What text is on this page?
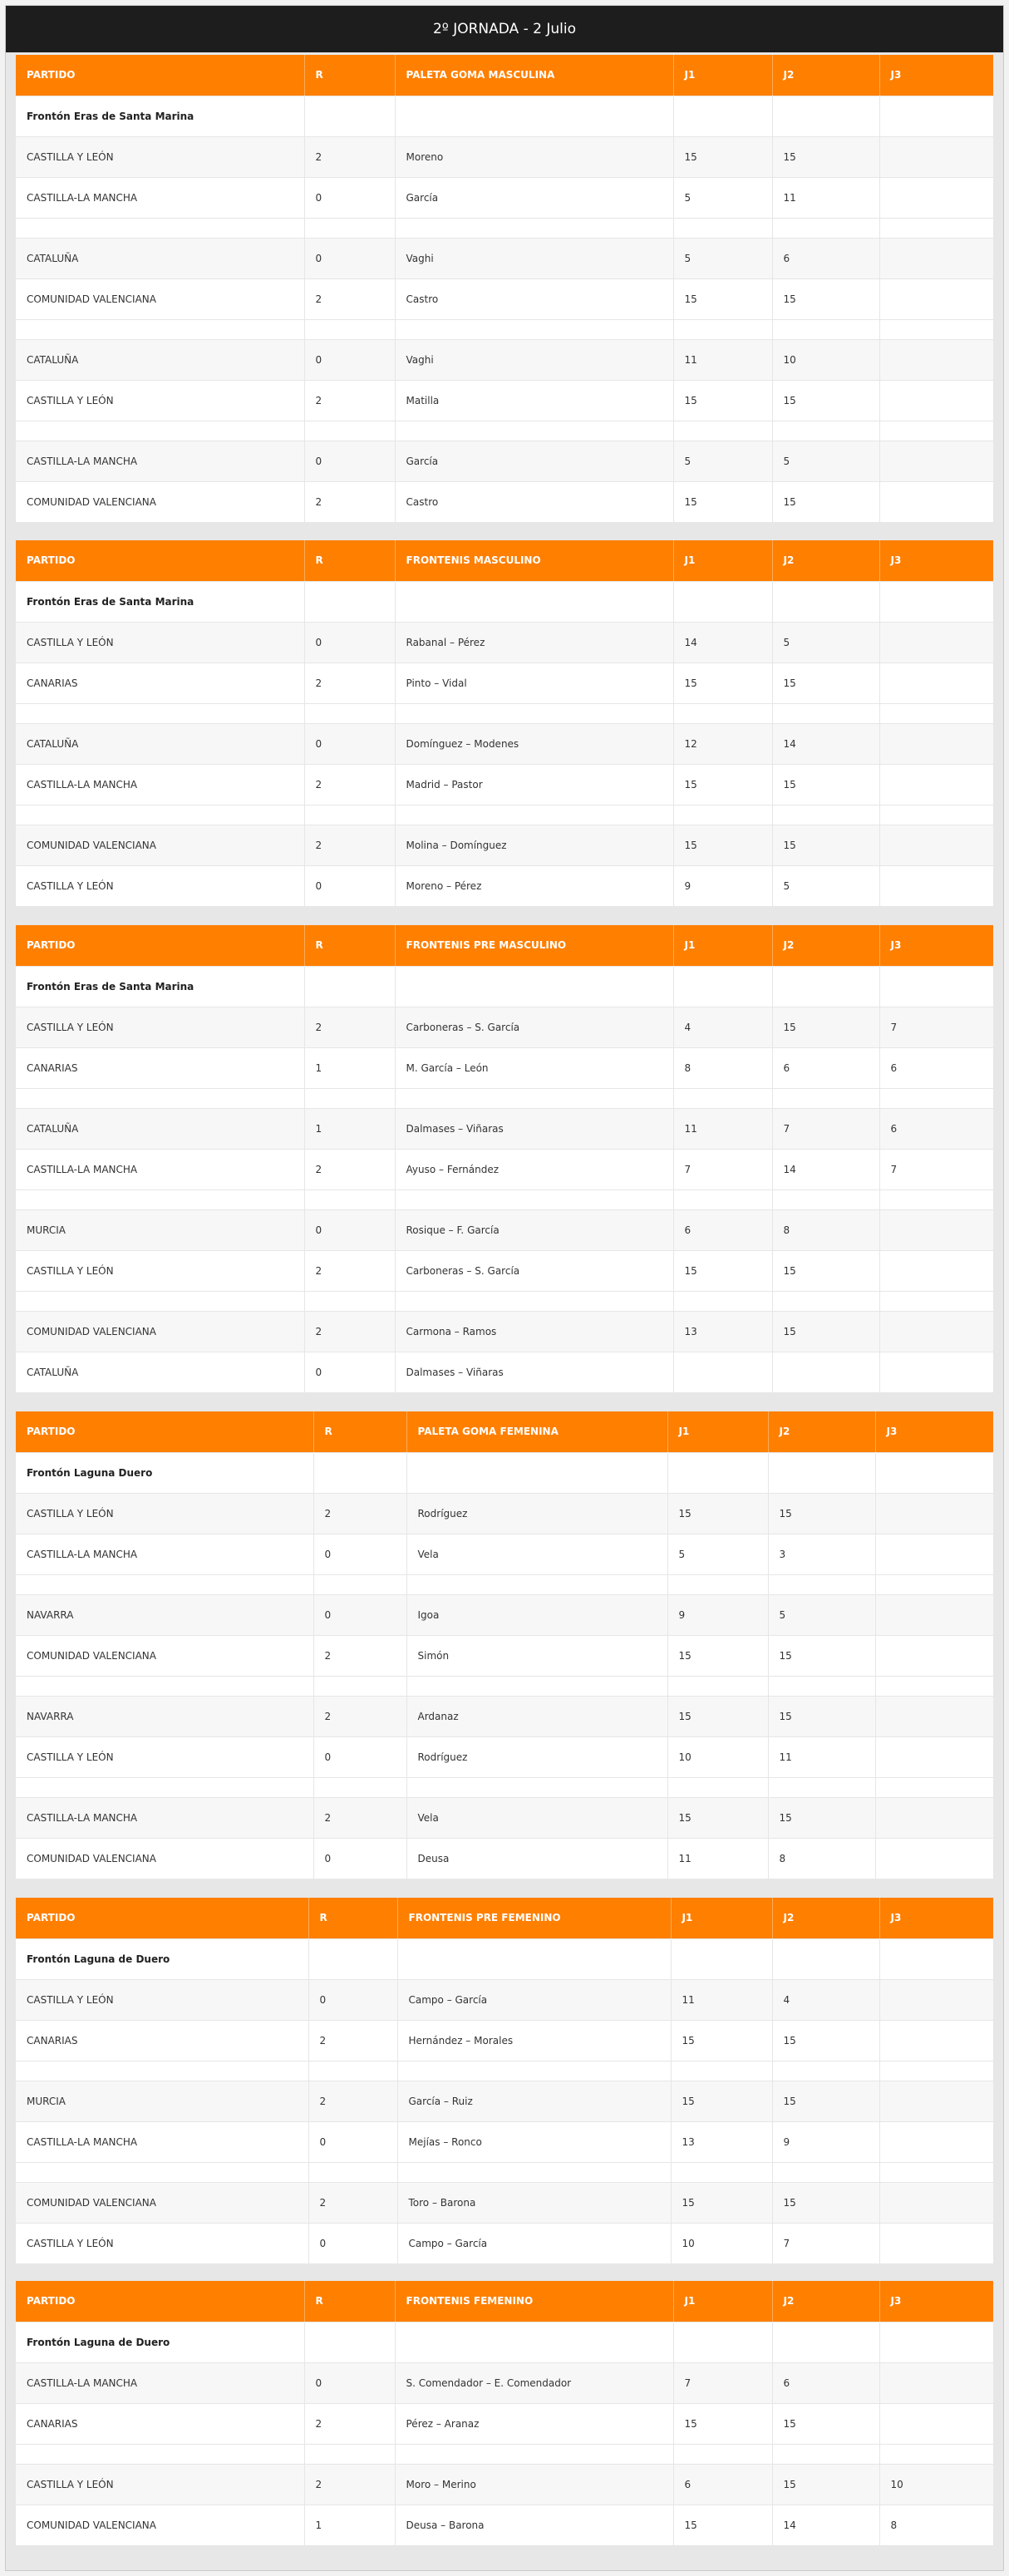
2º JORNADA - 2 Julio
PARTIDO	R	PALETA GOMA MASCULINA	J1	J2	J3
Frontón Eras de Santa Marina					
CASTILLA Y LEÓN	2	Moreno	15	15	
CASTILLA-LA MANCHA	0	García	5	11	

CATALUÑA	0	Vaghi	5	6	
COMUNIDAD VALENCIANA	2	Castro	15	15	

CATALUÑA	0	Vaghi	11	10	
CASTILLA Y LEÓN	2	Matilla	15	15	

CASTILLA-LA MANCHA	0	García	5	5	
COMUNIDAD VALENCIANA	2	Castro	15	15	
PARTIDO	R	FRONTENIS MASCULINO	J1	J2	J3
Frontón Eras de Santa Marina					
CASTILLA Y LEÓN	0	Rabanal – Pérez	14	5	
CANARIAS	2	Pinto – Vidal	15	15	

CATALUÑA	0	Domínguez – Modenes	12	14	
CASTILLA-LA MANCHA	2	Madrid – Pastor	15	15	

COMUNIDAD VALENCIANA	2	Molina – Domínguez	15	15	
CASTILLA Y LEÓN	0	Moreno – Pérez	9	5	
PARTIDO	R	FRONTENIS PRE MASCULINO	J1	J2	J3
Frontón Eras de Santa Marina					
CASTILLA Y LEÓN	2	Carboneras – S. García	4	15	7
CANARIAS	1	M. García – León	8	6	6

CATALUÑA	1	Dalmases – Viñaras	11	7	6
CASTILLA-LA MANCHA	2	Ayuso – Fernández	7	14	7

MURCIA	0	Rosique – F. García	6	8	
CASTILLA Y LEÓN	2	Carboneras – S. García	15	15	

COMUNIDAD VALENCIANA	2	Carmona – Ramos	13	15	
CATALUÑA	0	Dalmases – Viñaras			
PARTIDO	R	PALETA GOMA FEMENINA	J1	J2	J3
Frontón Laguna Duero					
CASTILLA Y LEÓN	2	Rodríguez	15	15	
CASTILLA-LA MANCHA	0	Vela	5	3	

NAVARRA	0	Igoa	9	5	
COMUNIDAD VALENCIANA	2	Simón	15	15	

NAVARRA	2	Ardanaz	15	15	
CASTILLA Y LEÓN	0	Rodríguez	10	11	

CASTILLA-LA MANCHA	2	Vela	15	15	
COMUNIDAD VALENCIANA	0	Deusa	11	8	
PARTIDO	R	FRONTENIS PRE FEMENINO	J1	J2	J3
Frontón Laguna de Duero					
CASTILLA Y LEÓN	0	Campo – García	11	4	
CANARIAS	2	Hernández – Morales	15	15	

MURCIA	2	García – Ruiz	15	15	
CASTILLA-LA MANCHA	0	Mejías – Ronco	13	9	

COMUNIDAD VALENCIANA	2	Toro – Barona	15	15	
CASTILLA Y LEÓN	0	Campo – García	10	7	
PARTIDO	R	FRONTENIS FEMENINO	J1	J2	J3
Frontón Laguna de Duero					
CASTILLA-LA MANCHA	0	S. Comendador – E. Comendador	7	6	
CANARIAS	2	Pérez – Aranaz	15	15	

CASTILLA Y LEÓN	2	Moro – Merino	6	15	10
COMUNIDAD VALENCIANA	1	Deusa – Barona	15	14	8
